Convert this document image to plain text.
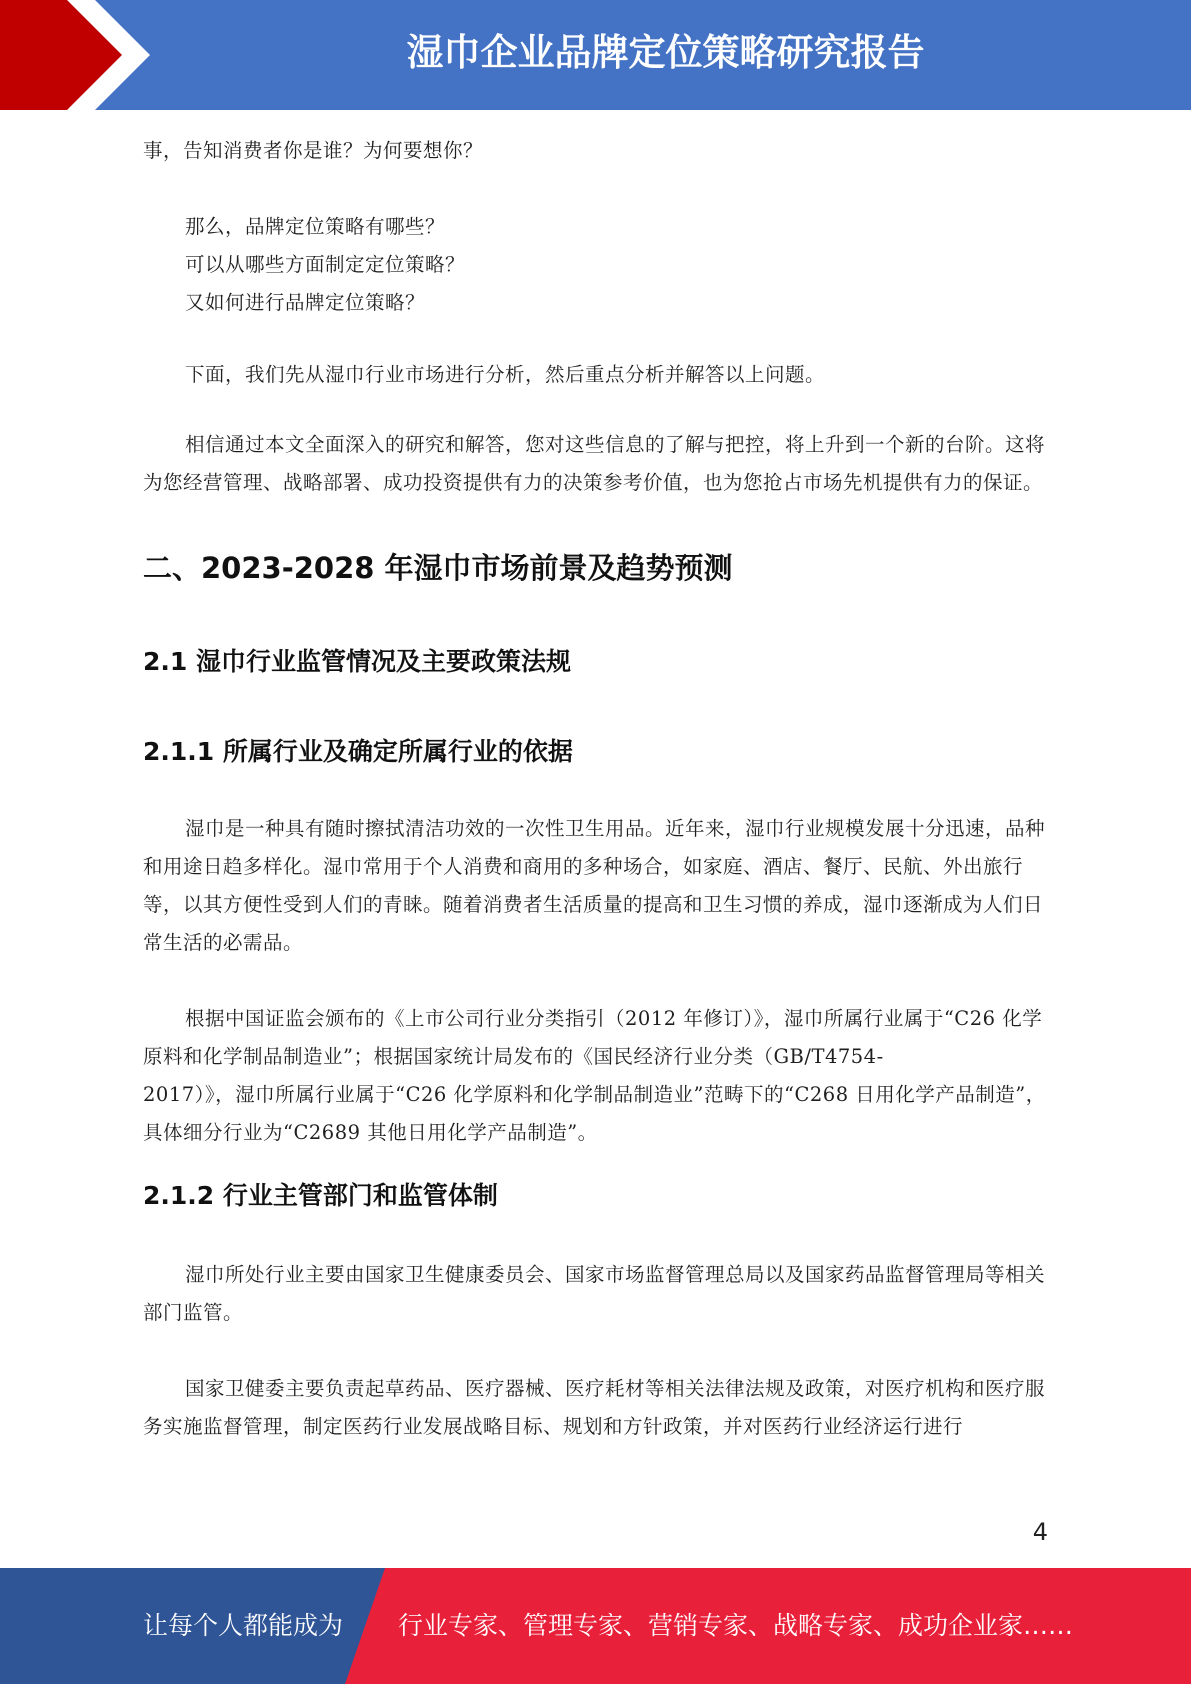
湿巾企业品牌定位策略研究报告

事，告知消费者你是谁？为何要想你？

那么，品牌定位策略有哪些？

可以从哪些方面制定定位策略？

又如何进行品牌定位策略？

下面，我们先从湿巾行业市场进行分析，然后重点分析并解答以上问题。

相信通过本文全面深入的研究和解答，您对这些信息的了解与把控，将上升到一个新的台阶。这将为您经营管理、战略部署、成功投资提供有力的决策参考价值，也为您抢占市场先机提供有力的保证。

二、2023-2028 年湿巾市场前景及趋势预测
2.1 湿巾行业监管情况及主要政策法规
2.1.1 所属行业及确定所属行业的依据

湿巾是一种具有随时擦拭清洁功效的一次性卫生用品。近年来，湿巾行业规模发展十分迅速，品种和用途日趋多样化。湿巾常用于个人消费和商用的多种场合，如家庭、酒店、餐厅、民航、外出旅行等，以其方便性受到人们的青睐。随着消费者生活质量的提高和卫生习惯的养成，湿巾逐渐成为人们日常生活的必需品。

根据中国证监会颁布的《上市公司行业分类指引（2012 年修订）》，湿巾所属行业属于“C26 化学原料和化学制品制造业”；根据国家统计局发布的《国民经济行业分类（GB/T4754-

2017）》，湿巾所属行业属于“C26 化学原料和化学制品制造业”范畴下的“C268 日用化学产品制造”，具体细分行业为“C2689 其他日用化学产品制造”。

2.1.2 行业主管部门和监管体制

湿巾所处行业主要由国家卫生健康委员会、国家市场监督管理总局以及国家药品监督管理局等相关部门监管。

国家卫健委主要负责起草药品、医疗器械、医疗耗材等相关法律法规及政策，对医疗机构和医疗服务实施监督管理，制定医药行业发展战略目标、规划和方针政策，并对医药行业经济运行进行

4
让每个人都能成为 行业专家、管理专家、营销专家、战略专家、成功企业家……
